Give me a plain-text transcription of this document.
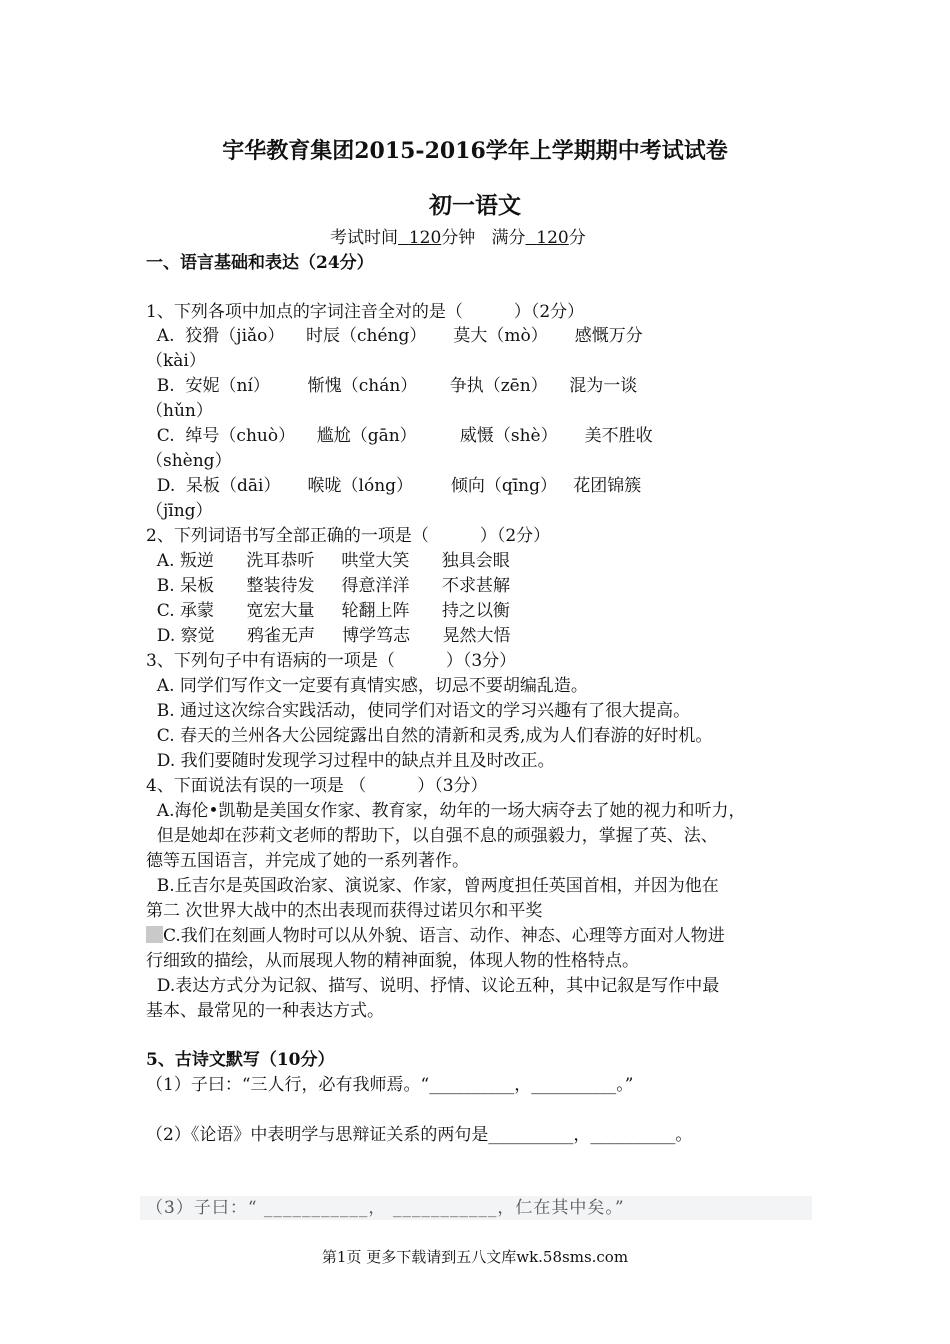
宇华教育集团2015-2016学年上学期期中考试试卷
初一语文
考试时间 120分钟 满分 120分
一、语言基础和表达（24分）
1、下列各项中加点的字词注音全对的是（　　　）（2分）
A.  狡猾（jiǎo）    时辰（chéng）     莫大（mò）     感慨万分
（kài）
B.  安妮（ní）       惭愧（chán）      争执（zēn）    混为一谈
（hǔn）
C.  绰号（chuò）    尴尬（gān）        威慑（shè）     美不胜收
（shèng）
D.  呆板（dāi）     喉咙（lóng）       倾向（qīng）   花团锦簇
（jīng）
2、下列词语书写全部正确的一项是（　　　）（2分）
A. 叛逆      洗耳恭听     哄堂大笑      独具会眼
B. 呆板      整装待发     得意洋洋      不求甚解
C. 承蒙      宽宏大量     轮翻上阵      持之以衡
D. 察觉      鸦雀无声     博学笃志      晃然大悟
3、下列句子中有语病的一项是（　　　）（3分）
A. 同学们写作文一定要有真情实感，切忌不要胡编乱造。
B. 通过这次综合实践活动，使同学们对语文的学习兴趣有了很大提高。
C. 春天的兰州各大公园绽露出自然的清新和灵秀,成为人们春游的好时机。
D. 我们要随时发现学习过程中的缺点并且及时改正。
4、下面说法有误的一项是 （　　　）（3分）
A.海伦•凯勒是美国女作家、教育家，幼年的一场大病夺去了她的视力和听力，
但是她却在莎莉文老师的帮助下，以自强不息的顽强毅力，掌握了英、法、
德等五国语言，并完成了她的一系列著作。
B.丘吉尔是英国政治家、演说家、作家，曾两度担任英国首相，并因为他在
第二 次世界大战中的杰出表现而获得过诺贝尔和平奖
C.我们在刻画人物时可以从外貌、语言、动作、神态、心理等方面对人物进
行细致的描绘，从而展现人物的精神面貌，体现人物的性格特点。
D.表达方式分为记叙、描写、说明、抒情、议论五种，其中记叙是写作中最
基本、最常见的一种表达方式。
5、古诗文默写（10分）
（1）子曰：“三人行，必有我师焉。“__________，__________。”
（2）《论语》中表明学与思辩证关系的两句是__________，__________。
（3）子曰：“ ___________， ___________，仁在其中矣。”
第1页 更多下载请到五八文库wk.58sms.com
